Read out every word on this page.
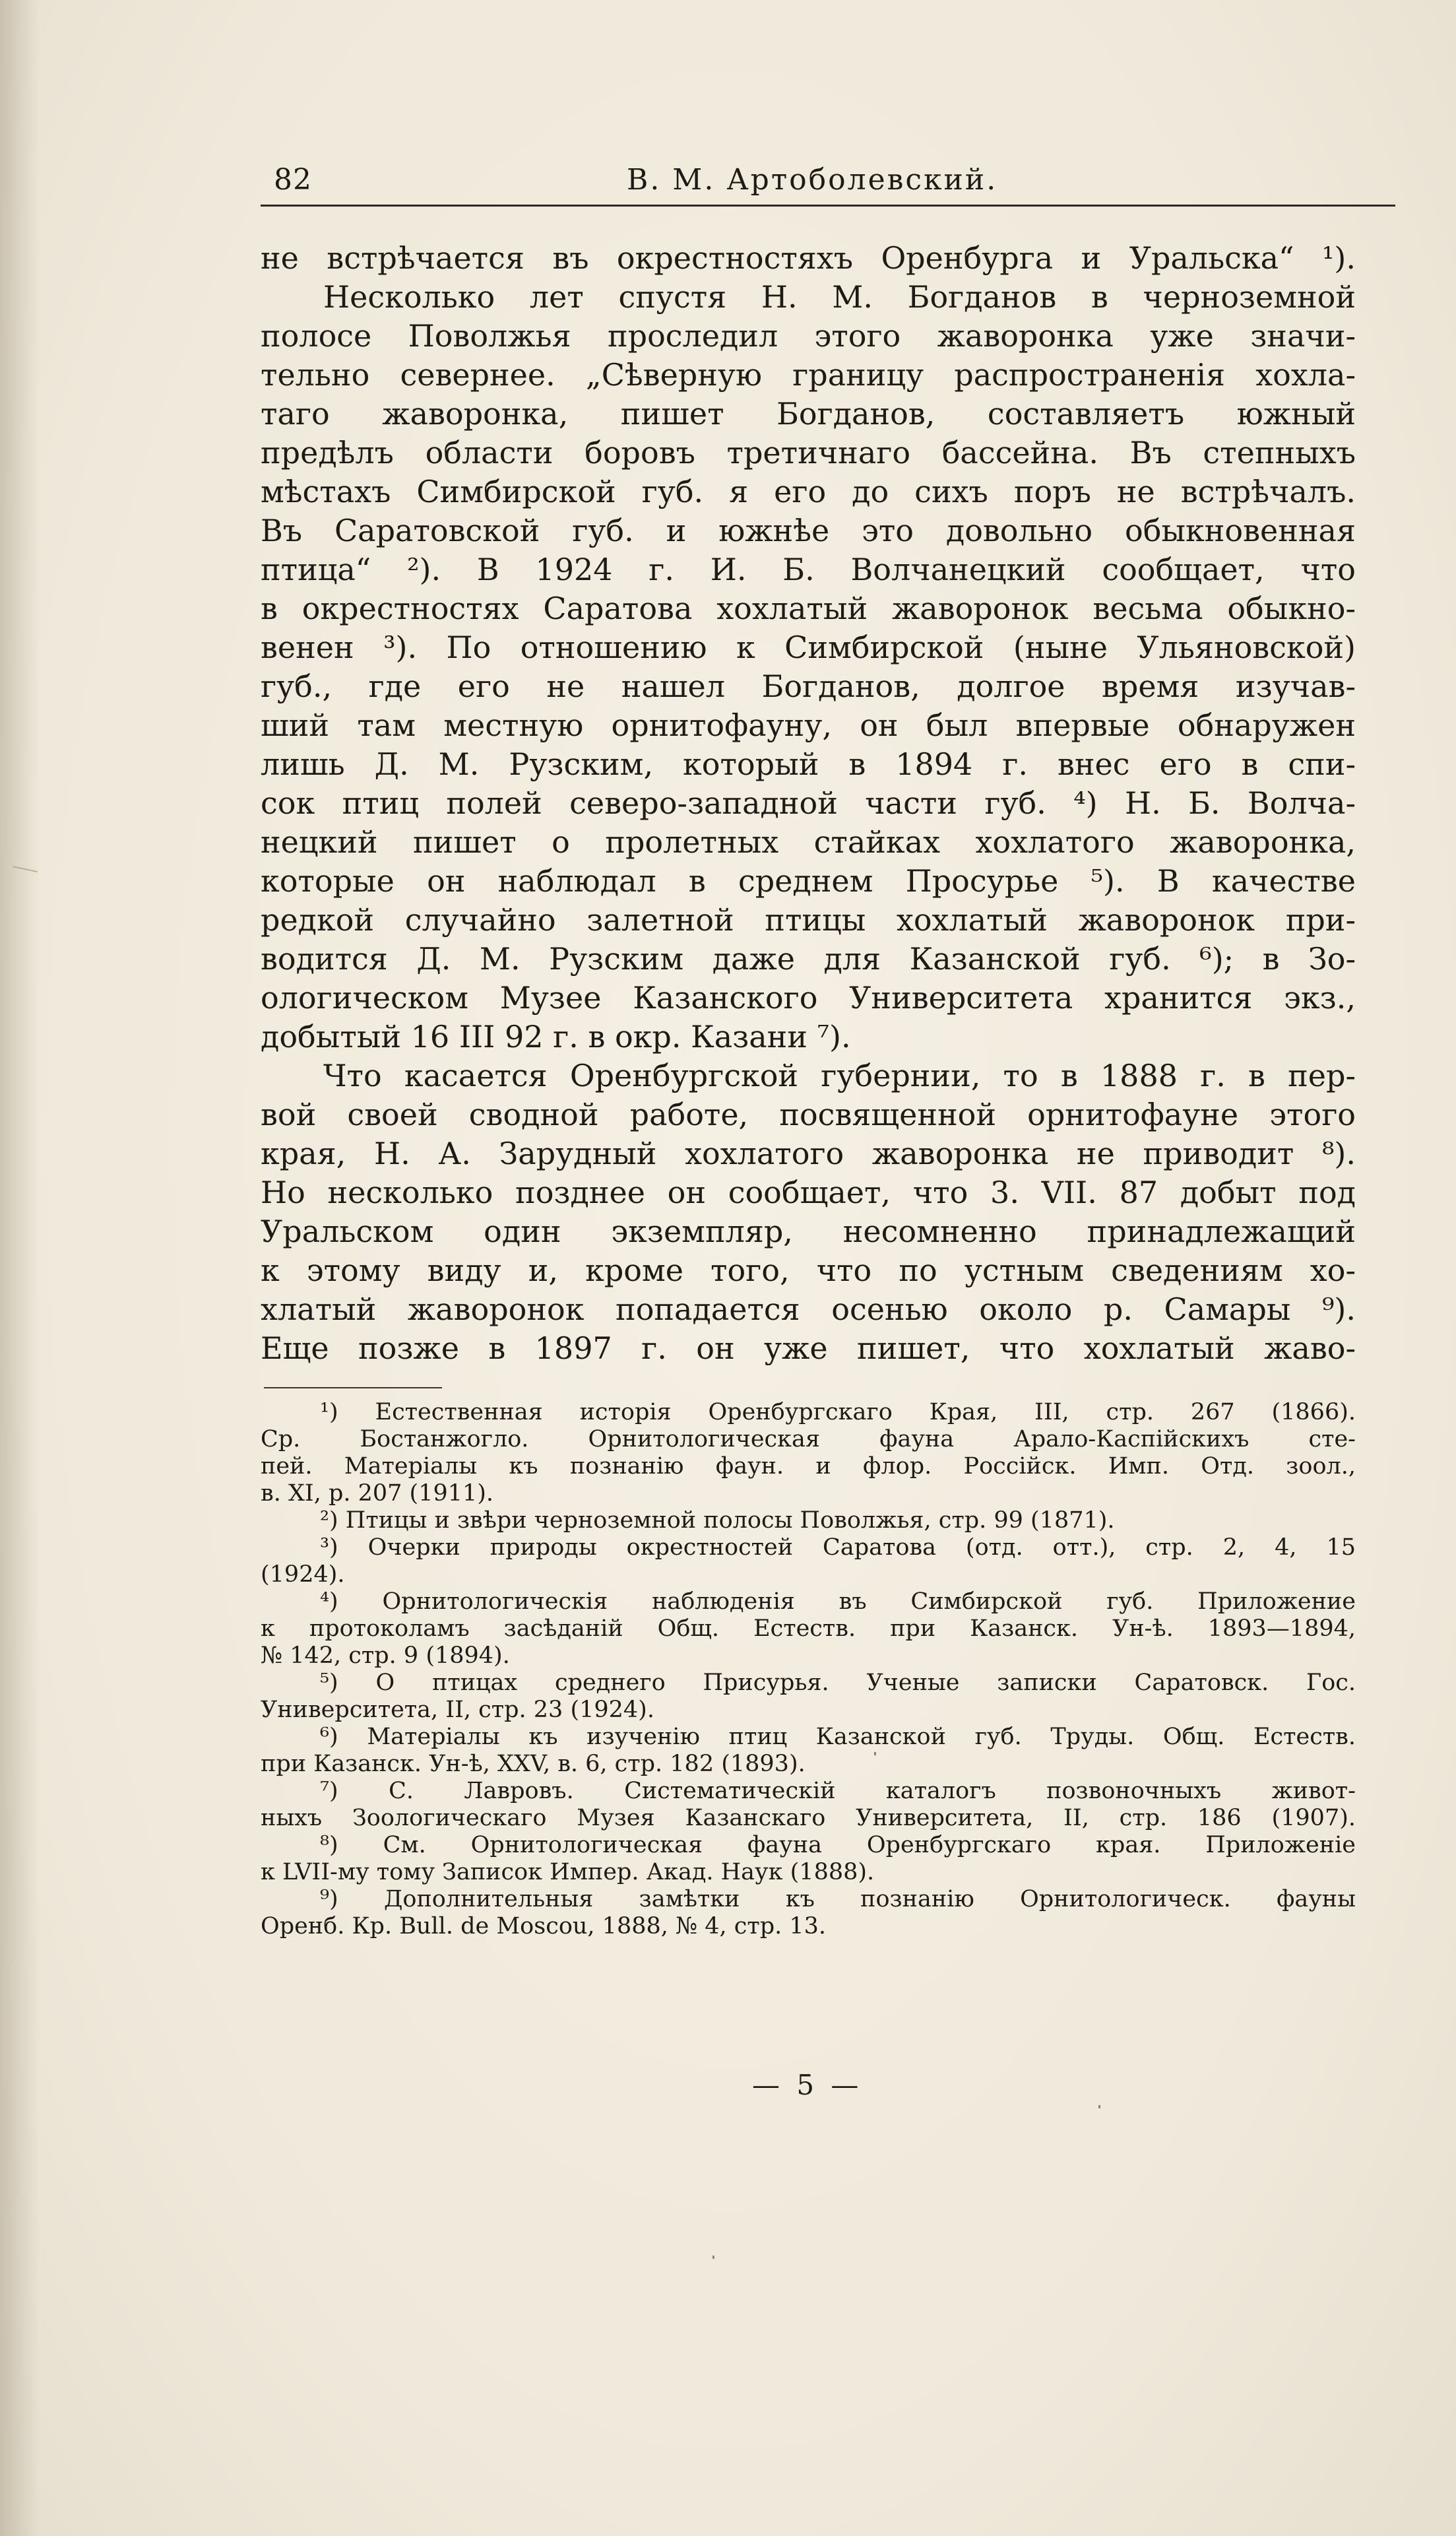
82	В. М. Артоболевский.
не встрѣчается въ окрестностяхъ Оренбурга и Уральска“ ¹).
Несколько лет спустя Н. М. Богданов в черноземной
полосе Поволжья проследил этого жаворонка уже значи-
тельно севернее. „Сѣверную границу распространенія хохла-
таго жаворонка, пишет Богданов, составляетъ южный
предѣлъ области боровъ третичнаго бассейна. Въ степныхъ
мѣстахъ Симбирской губ. я его до сихъ поръ не встрѣчалъ.
Въ Саратовской губ. и южнѣе это довольно обыкновенная
птица“ ²). В 1924 г. И. Б. Волчанецкий сообщает, что
в окрестностях Саратова хохлатый жаворонок весьма обыкно-
венен ³). По отношению к Симбирской (ныне Ульяновской)
губ., где его не нашел Богданов, долгое время изучав-
ший там местную орнитофауну, он был впервые обнаружен
лишь Д. М. Рузским, который в 1894 г. внес его в спи-
сок птиц полей северо-западной части губ. ⁴) Н. Б. Волча-
нецкий пишет о пролетных стайках хохлатого жаворонка,
которые он наблюдал в среднем Просурье ⁵). В качестве
редкой случайно залетной птицы хохлатый жаворонок при-
водится Д. М. Рузским даже для Казанской губ. ⁶); в Зо-
ологическом Музее Казанского Университета хранится экз.,
добытый 16 III 92 г. в окр. Казани ⁷).
Что касается Оренбургской губернии, то в 1888 г. в пер-
вой своей сводной работе, посвященной орнитофауне этого
края, Н. А. Зарудный хохлатого жаворонка не приводит ⁸).
Но несколько позднее он сообщает, что 3. VII. 87 добыт под
Уральском один экземпляр, несомненно принадлежащий
к этому виду и, кроме того, что по устным сведениям хо-
хлатый жаворонок попадается осенью около р. Самары ⁹).
Еще позже в 1897 г. он уже пишет, что хохлатый жаво-
¹) Естественная исторія Оренбургскаго Края, III, стр. 267 (1866).
Ср. Бостанжогло. Орнитологическая фауна Арало-Каспійскихъ сте-
пей. Матеріалы къ познанію фаун. и флор. Россійск. Имп. Отд. зоол.,
в. XI, р. 207 (1911).
²) Птицы и звѣри черноземной полосы Поволжья, стр. 99 (1871).
³) Очерки природы окрестностей Саратова (отд. отт.), стр. 2, 4, 15
(1924).
⁴) Орнитологическія наблюденія въ Симбирской губ. Приложение
к протоколамъ засѣданій Общ. Естеств. при Казанск. Ун-ѣ. 1893—1894,
№ 142, стр. 9 (1894).
⁵) О птицах среднего Присурья. Ученые записки Саратовск. Гос.
Университета, II, стр. 23 (1924).
⁶) Матеріалы къ изученію птиц Казанской губ. Труды. Общ. Естеств.
при Казанск. Ун-ѣ, XXV, в. 6, стр. 182 (1893).
⁷) С. Лавровъ. Систематическій каталогъ позвоночныхъ живот-
ныхъ Зоологическаго Музея Казанскаго Университета, II, стр. 186 (1907).
⁸) См. Орнитологическая фауна Оренбургскаго края. Приложеніе
к LVII-му тому Записок Импер. Акад. Наук (1888).
⁹) Дополнительныя замѣтки къ познанію Орнитологическ. фауны
Оренб. Кр. Bull. de Moscou, 1888, № 4, стр. 13.
— 5 —
